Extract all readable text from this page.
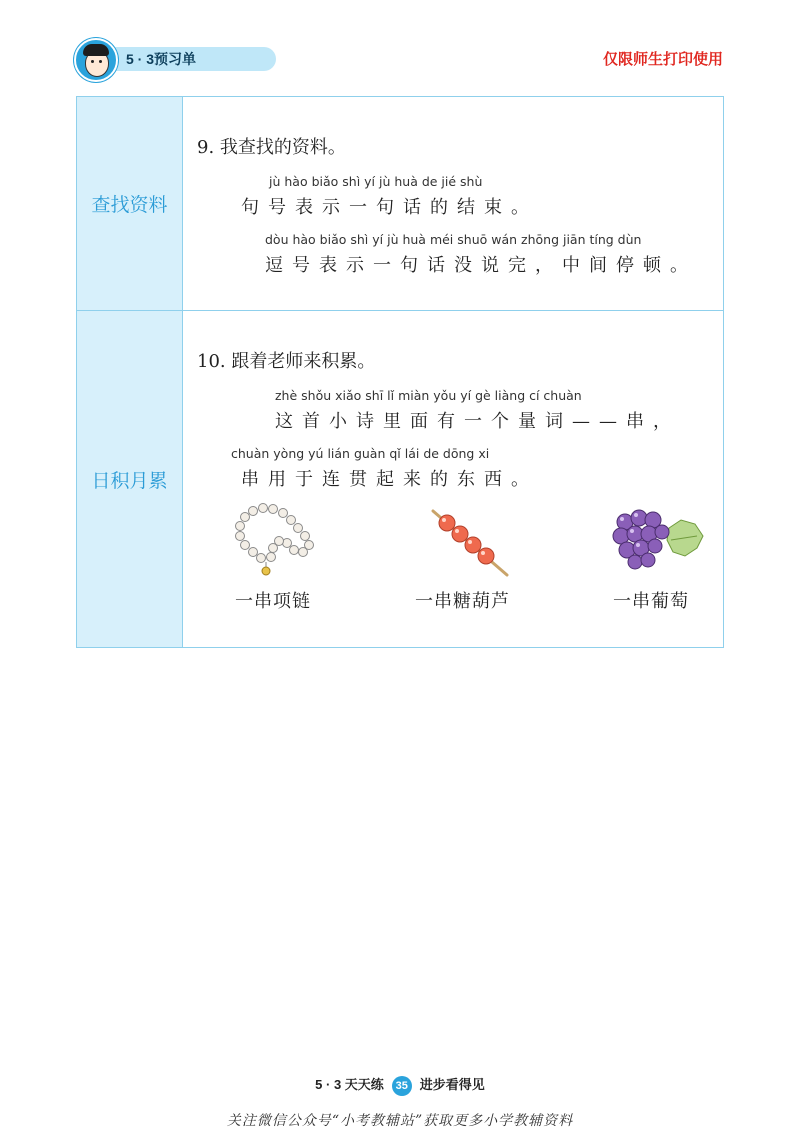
5 · 3预习单	仅限师生打印使用
查找资料
9. 我查找的资料。
jù hào biǎo shì yí jù huà de jié shù
句号表示一句话的结束。
dòu hào biǎo shì yí jù huà méi shuō wán zhōng jiān tíng dùn
逗号表示一句话没说完，中间停顿。
日积月累
10. 跟着老师来积累。
zhè shǒu xiǎo shī lǐ miàn yǒu yí gè liàng cí chuàn
这首小诗里面有一个量词——串，
chuàn yòng yú lián guàn qǐ lái de dōng xi
串用于连贯起来的东西。
一串项链	一串糖葫芦	一串葡萄
5 · 3 天天练 35 进步看得见
关注微信公众号“小考教辅站”获取更多小学教辅资料
